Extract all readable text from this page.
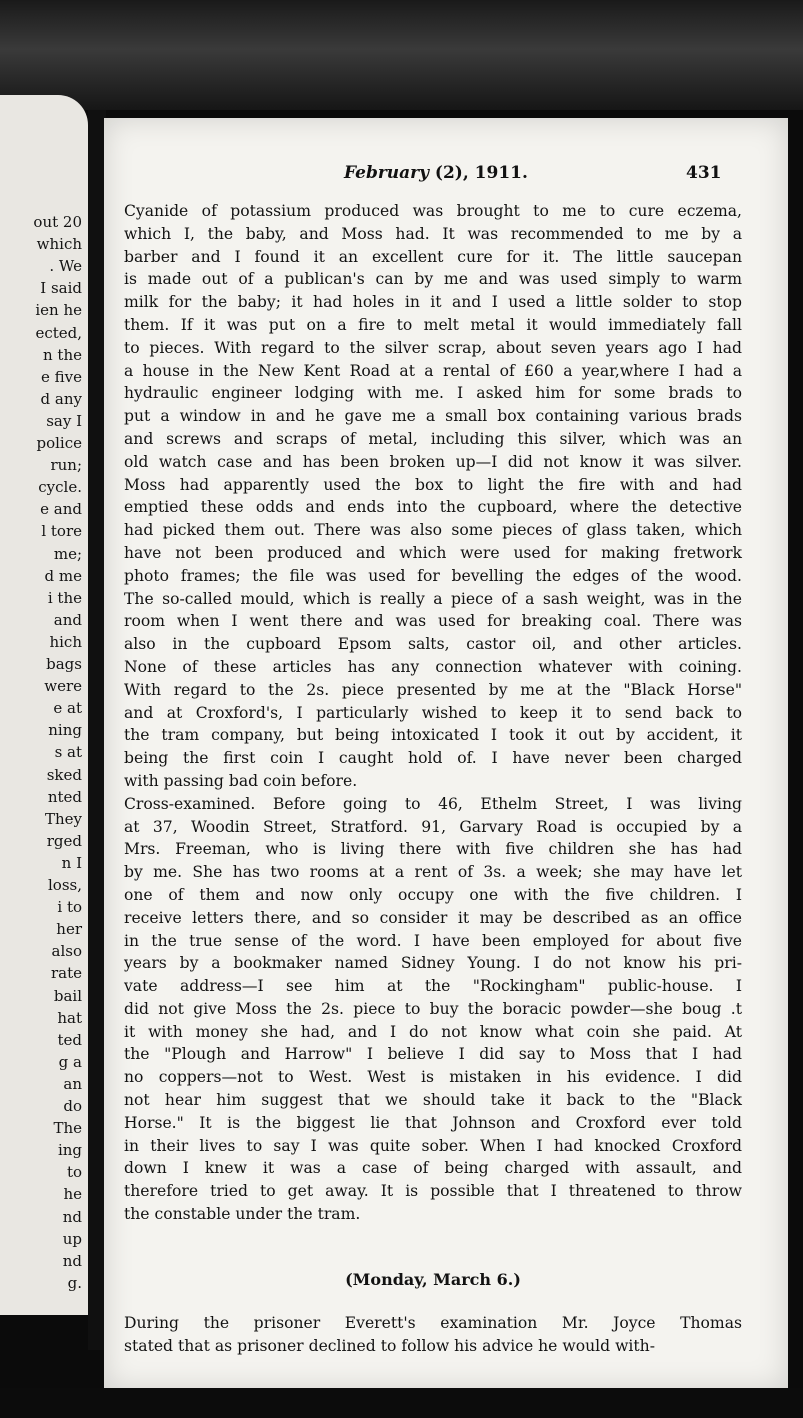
out 20
which
. We
I said
ien he
ected,
n the
e five
d any
say I
police
run;
cycle.
e and
l tore
me;
d me
i the
and
hich
bags
were
e at
ning
s at
sked
nted
They
rged
n I
loss,
i to
her
also
rate
bail
hat
ted
g a
an
do
The
ing
to
he
nd
up
nd
g.
February (2), 1911.	431
Cyanide of potassium produced was brought to me to cure eczema,
which I, the baby, and Moss had. It was recommended to me by a
barber and I found it an excellent cure for it. The little saucepan
is made out of a publican's can by me and was used simply to warm
milk for the baby; it had holes in it and I used a little solder to stop
them. If it was put on a fire to melt metal it would immediately fall
to pieces. With regard to the silver scrap, about seven years ago I had
a house in the New Kent Road at a rental of £60 a year,where I had a
hydraulic engineer lodging with me. I asked him for some brads to
put a window in and he gave me a small box containing various brads
and screws and scraps of metal, including this silver, which was an
old watch case and has been broken up—I did not know it was silver.
Moss had apparently used the box to light the fire with and had
emptied these odds and ends into the cupboard, where the detective
had picked them out. There was also some pieces of glass taken, which
have not been produced and which were used for making fretwork
photo frames; the file was used for bevelling the edges of the wood.
The so-called mould, which is really a piece of a sash weight, was in the
room when I went there and was used for breaking coal. There was
also in the cupboard Epsom salts, castor oil, and other articles.
None of these articles has any connection whatever with coining.
With regard to the 2s. piece presented by me at the "Black Horse"
and at Croxford's, I particularly wished to keep it to send back to
the tram company, but being intoxicated I took it out by accident, it
being the first coin I caught hold of. I have never been charged
with passing bad coin before.
Cross-examined. Before going to 46, Ethelm Street, I was living
at 37, Woodin Street, Stratford. 91, Garvary Road is occupied by a
Mrs. Freeman, who is living there with five children she has had
by me. She has two rooms at a rent of 3s. a week; she may have let
one of them and now only occupy one with the five children. I
receive letters there, and so consider it may be described as an office
in the true sense of the word. I have been employed for about five
years by a bookmaker named Sidney Young. I do not know his pri-
vate address—I see him at the "Rockingham" public-house. I
did not give Moss the 2s. piece to buy the boracic powder—she boug .t
it with money she had, and I do not know what coin she paid. At
the "Plough and Harrow" I believe I did say to Moss that I had
no coppers—not to West. West is mistaken in his evidence. I did
not hear him suggest that we should take it back to the "Black
Horse." It is the biggest lie that Johnson and Croxford ever told
in their lives to say I was quite sober. When I had knocked Croxford
down I knew it was a case of being charged with assault, and
therefore tried to get away. It is possible that I threatened to throw
the constable under the tram.
(Monday, March 6.)
During the prisoner Everett's examination Mr. Joyce Thomas
stated that as prisoner declined to follow his advice he would with-
